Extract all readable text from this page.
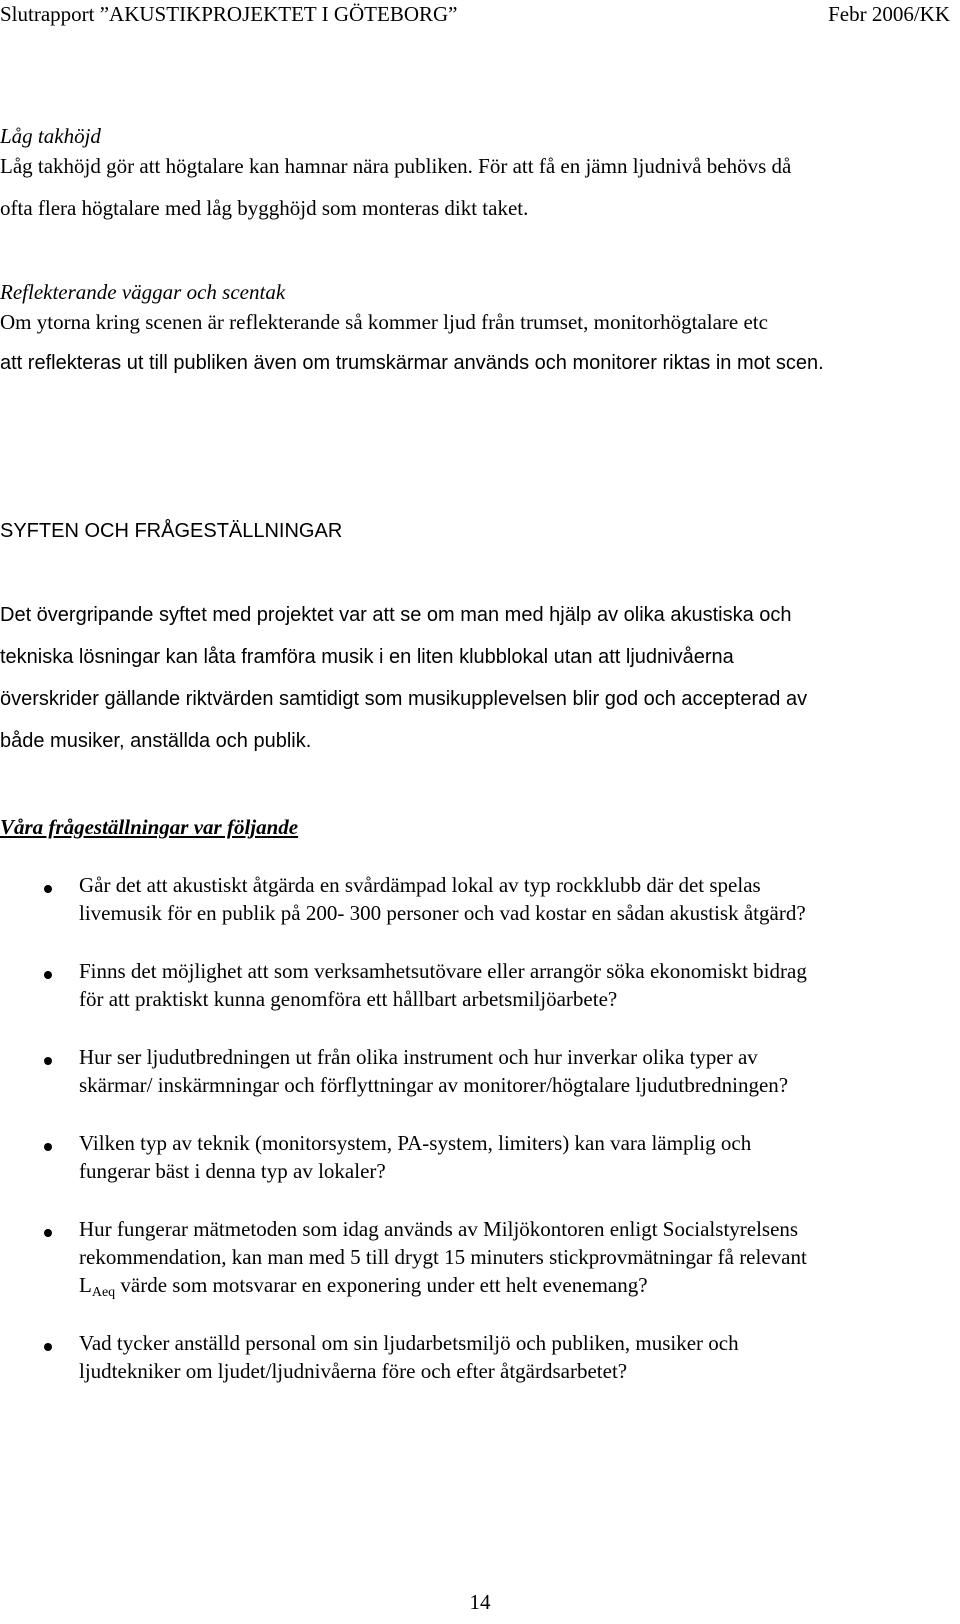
Slutrapport ”AKUSTIKPROJEKTET I GÖTEBORG”	Febr 2006/KK
Låg takhöjd
Låg takhöjd gör att högtalare kan hamnar nära publiken. För att få en jämn ljudnivå behövs då
ofta flera högtalare med låg bygghöjd som monteras dikt taket.
Reflekterande väggar och scentak
Om ytorna kring scenen är reflekterande så kommer ljud från trumset, monitorhögtalare etc
att reflekteras ut till publiken även om trumskärmar används och monitorer riktas in mot scen.
SYFTEN OCH FRÅGESTÄLLNINGAR
Det övergripande syftet med projektet var att se om man med hjälp av olika akustiska och
tekniska lösningar kan låta framföra musik i en liten klubblokal utan att ljudnivåerna
överskrider gällande riktvärden samtidigt som musikupplevelsen blir god och accepterad av
både musiker, anställda och publik.
Våra frågeställningar var följande
Går det att akustiskt åtgärda en svårdämpad lokal av typ rockklubb där det spelas
livemusik för en publik på 200- 300 personer och vad kostar en sådan akustisk åtgärd?
Finns det möjlighet att som verksamhetsutövare eller arrangör söka ekonomiskt bidrag
för att praktiskt kunna genomföra ett hållbart arbetsmiljöarbete?
Hur ser ljudutbredningen ut från olika instrument och hur inverkar olika typer av
skärmar/ inskärmningar och förflyttningar av monitorer/högtalare ljudutbredningen?
Vilken typ av teknik (monitorsystem, PA-system, limiters) kan vara lämplig och
fungerar bäst i denna typ av lokaler?
Hur fungerar mätmetoden som idag används av Miljökontoren enligt Socialstyrelsens
rekommendation, kan man med 5 till drygt 15 minuters stickprovmätningar få relevant
$L_{Aeq}$ värde som motsvarar en exponering under ett helt evenemang?
Vad tycker anställd personal om sin ljudarbetsmiljö och publiken, musiker och
ljudtekniker om ljudet/ljudnivåerna före och efter åtgärdsarbetet?
14
